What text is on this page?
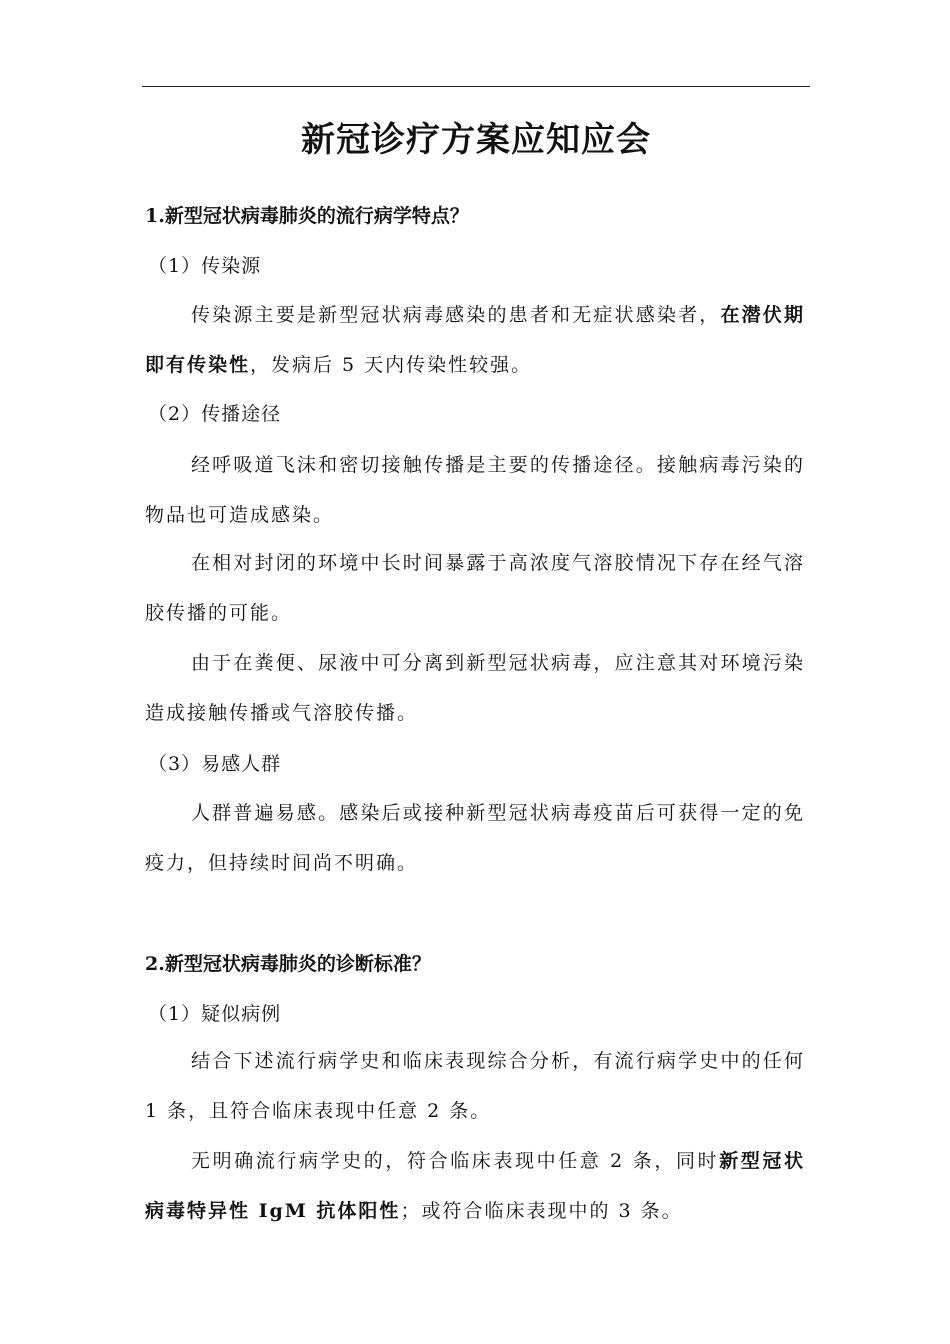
新冠诊疗方案应知应会
1.新型冠状病毒肺炎的流行病学特点？
（1）传染源
传染源主要是新型冠状病毒感染的患者和无症状感染者，在潜伏期即有传染性，发病后 5 天内传染性较强。
（2）传播途径
经呼吸道飞沫和密切接触传播是主要的传播途径。接触病毒污染的物品也可造成感染。
在相对封闭的环境中长时间暴露于高浓度气溶胶情况下存在经气溶胶传播的可能。
由于在粪便、尿液中可分离到新型冠状病毒，应注意其对环境污染造成接触传播或气溶胶传播。
（3）易感人群
人群普遍易感。感染后或接种新型冠状病毒疫苗后可获得一定的免疫力，但持续时间尚不明确。
2.新型冠状病毒肺炎的诊断标准？
（1）疑似病例
结合下述流行病学史和临床表现综合分析，有流行病学史中的任何 1 条，且符合临床表现中任意 2 条。
无明确流行病学史的，符合临床表现中任意 2 条，同时新型冠状病毒特异性 IgM 抗体阳性；或符合临床表现中的 3 条。
